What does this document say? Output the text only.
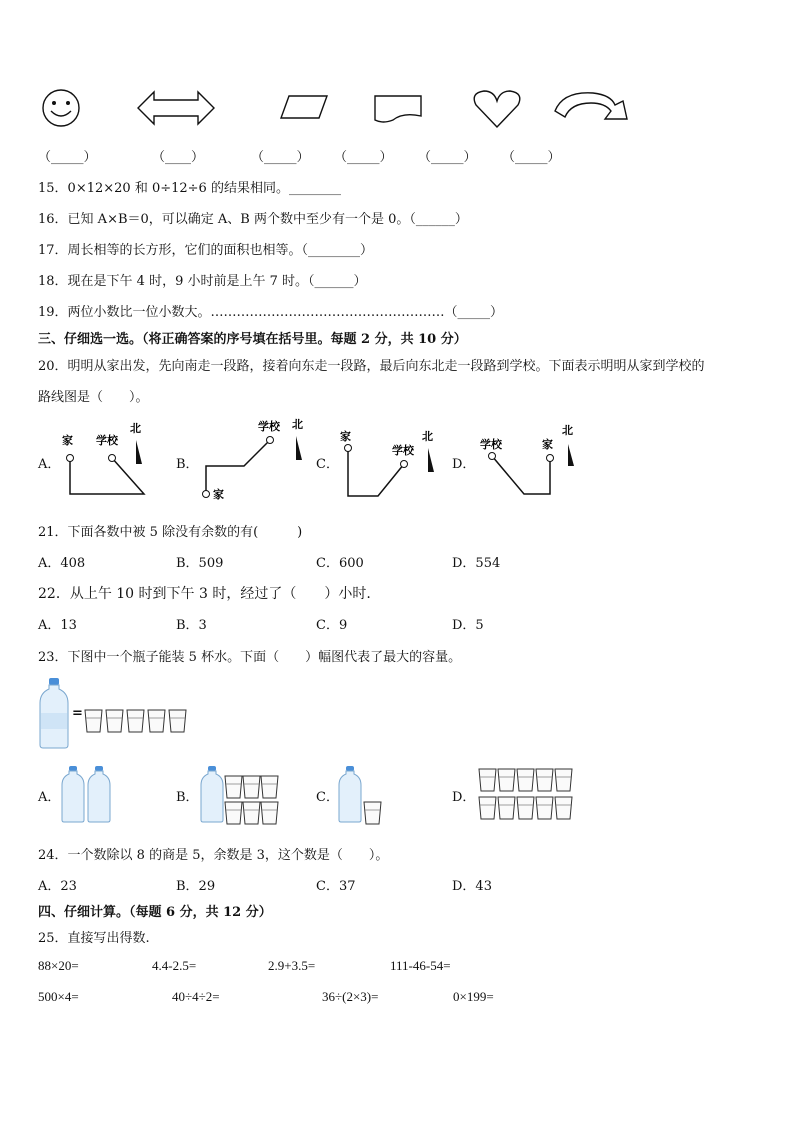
（_____）	（____）	（_____） （_____） （_____） （_____）
15．0×12×20 和 0÷12÷6 的结果相同。________
16．已知 A×B＝0，可以确定 A、B 两个数中至少有一个是 0。（______）
17．周长相等的长方形，它们的面积也相等。（________）
18．现在是下午 4 时，9 小时前是上午 7 时。（______）
19．两位小数比一位小数大。………………………………………………（_____）
三、仔细选一选。（将正确答案的序号填在括号里。每题 2 分，共 10 分）
20．明明从家出发，先向南走一段路，接着向东走一段路，最后向东北走一段路到学校。下面表示明明从家到学校的
路线图是（　　）。
A．
家 学校
北
B．
学校 北
家
C．
家
学校
北
D．
学校	家
北
21．下面各数中被 5 除没有余数的有(　　　)
A．408	B．509	C．600	D．554
22．从上午 10 时到下午 3 时，经过了（　　）小时.
A．13	B．3	C．9	D．5
23．下图中一个瓶子能装 5 杯水。下面（　　）幅图代表了最大的容量。
=
A．	B．	C．	D．
24．一个数除以 8 的商是 5，余数是 3，这个数是（　　）。
A．23	B．29	C．37	D．43
四、仔细计算。（每题 6 分，共 12 分）
25．直接写出得数.
88×20=	4.4-2.5=	2.9+3.5=	111-46-54=
500×4=	40÷4÷2=	36÷(2×3)=	0×199=
